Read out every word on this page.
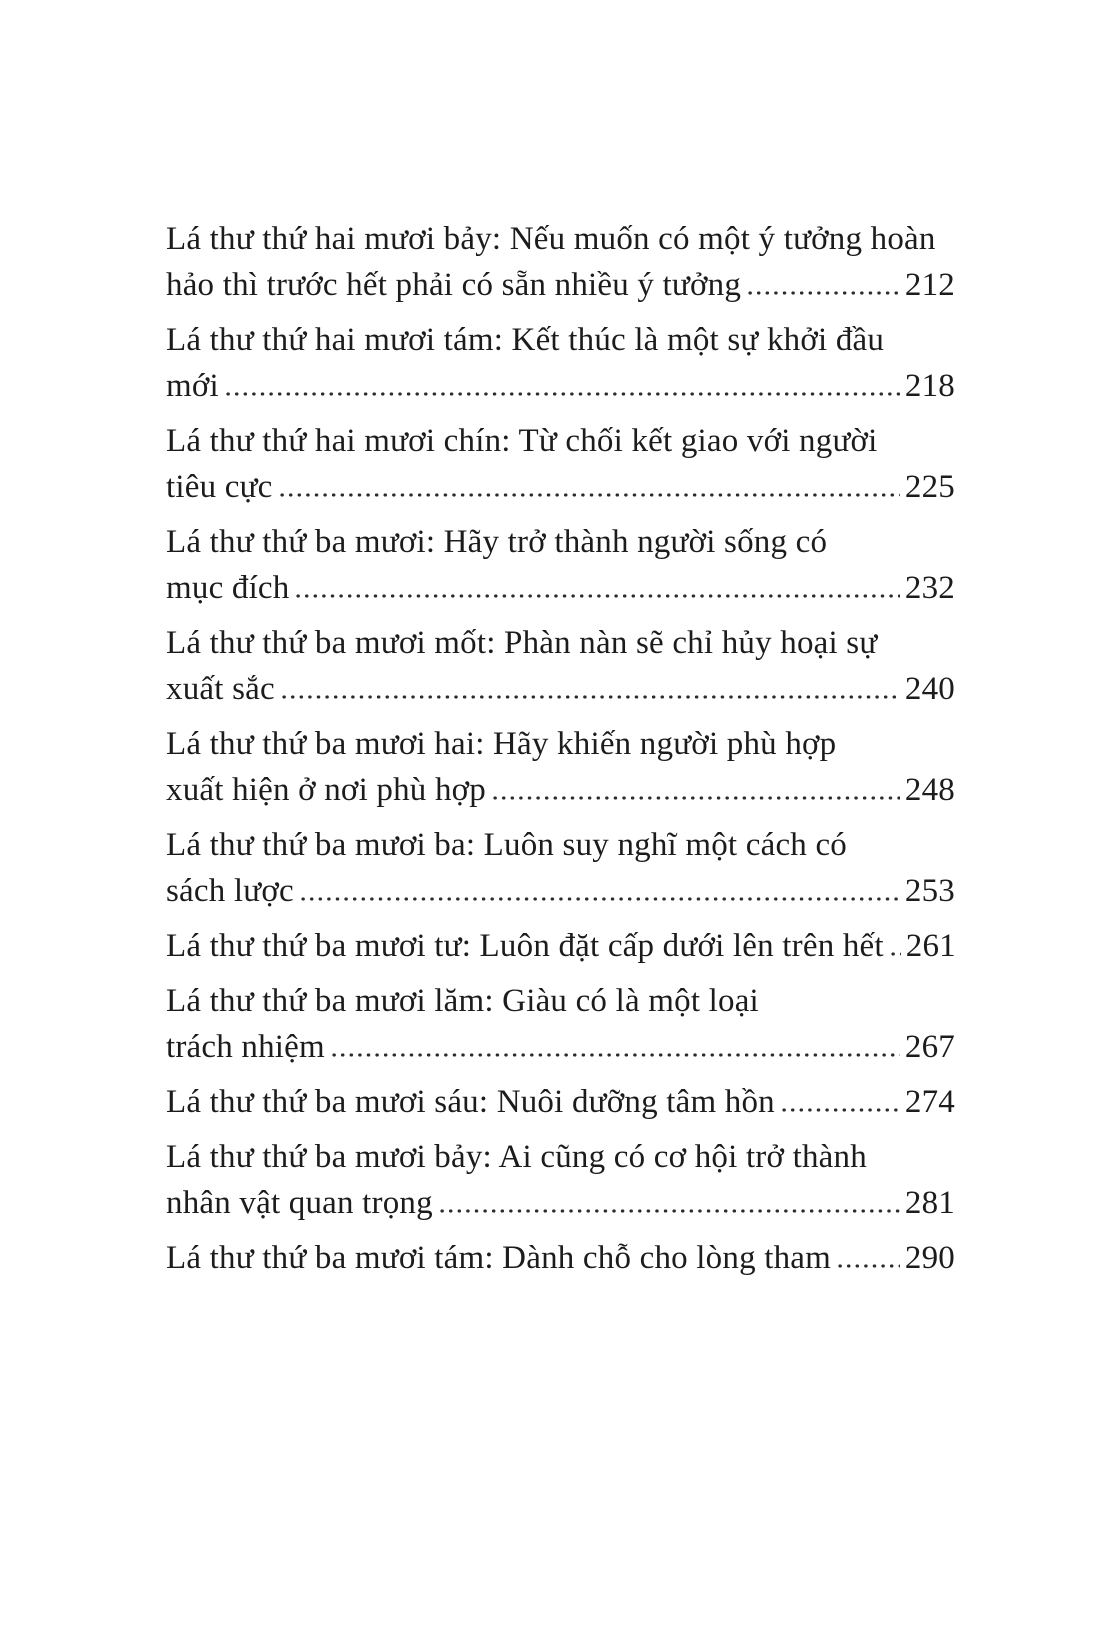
Lá thư thứ hai mươi bảy: Nếu muốn có một ý tưởng hoàn
hảo thì trước hết phải có sẵn nhiều ý tưởng	212
Lá thư thứ hai mươi tám: Kết thúc là một sự khởi đầu
mới	218
Lá thư thứ hai mươi chín: Từ chối kết giao với người
tiêu cực	225
Lá thư thứ ba mươi: Hãy trở thành người sống có
mục đích	232
Lá thư thứ ba mươi mốt: Phàn nàn sẽ chỉ hủy hoại sự
xuất sắc	240
Lá thư thứ ba mươi hai: Hãy khiến người phù hợp
xuất hiện ở nơi phù hợp	248
Lá thư thứ ba mươi ba: Luôn suy nghĩ một cách có
sách lược	253
Lá thư thứ ba mươi tư: Luôn đặt cấp dưới lên trên hết 261
Lá thư thứ ba mươi lăm: Giàu có là một loại
trách nhiệm	267
Lá thư thứ ba mươi sáu: Nuôi dưỡng tâm hồn	274
Lá thư thứ ba mươi bảy: Ai cũng có cơ hội trở thành
nhân vật quan trọng	281
Lá thư thứ ba mươi tám: Dành chỗ cho lòng tham 290
